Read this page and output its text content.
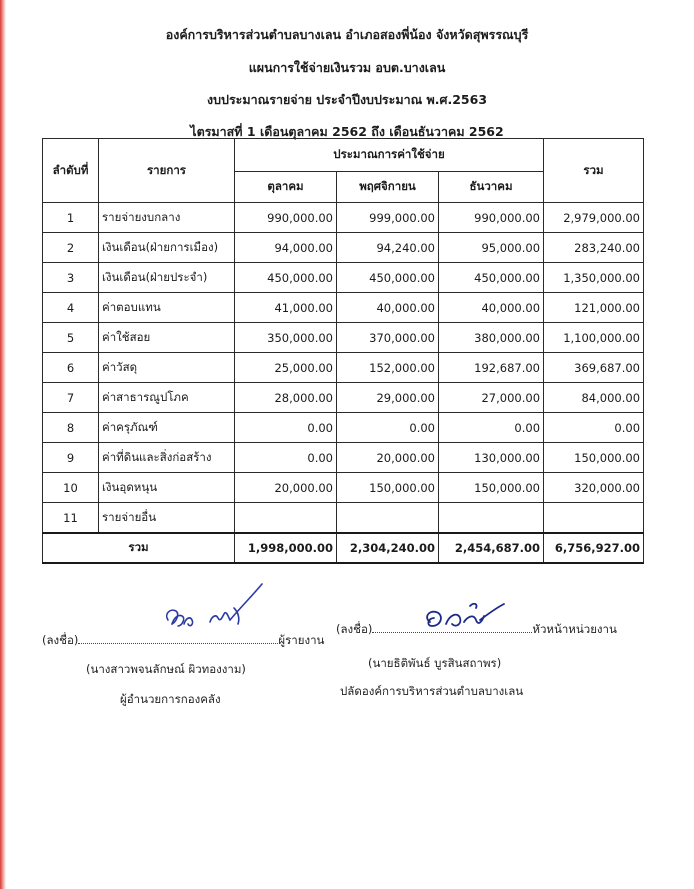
องค์การบริหารส่วนตำบลบางเลน อำเภอสองพี่น้อง จังหวัดสุพรรณบุรี
แผนการใช้จ่ายเงินรวม อบต.บางเลน
งบประมาณรายจ่าย ประจำปีงบประมาณ พ.ศ.2563
ไตรมาสที่ 1 เดือนตุลาคม 2562 ถึง เดือนธันวาคม 2562
ลำดับที่	รายการ	ประมาณการค่าใช้จ่าย			รวม
		ตุลาคม	พฤศจิกายน	ธันวาคม	
1	รายจ่ายงบกลาง	990,000.00	999,000.00	990,000.00	2,979,000.00
2	เงินเดือน(ฝ่ายการเมือง)	94,000.00	94,240.00	95,000.00	283,240.00
3	เงินเดือน(ฝ่ายประจำ)	450,000.00	450,000.00	450,000.00	1,350,000.00
4	ค่าตอบแทน	41,000.00	40,000.00	40,000.00	121,000.00
5	ค่าใช้สอย	350,000.00	370,000.00	380,000.00	1,100,000.00
6	ค่าวัสดุ	25,000.00	152,000.00	192,687.00	369,687.00
7	ค่าสาธารณูปโภค	28,000.00	29,000.00	27,000.00	84,000.00
8	ค่าครุภัณฑ์	0.00	0.00	0.00	0.00
9	ค่าที่ดินและสิ่งก่อสร้าง	0.00	20,000.00	130,000.00	150,000.00
10	เงินอุดหนุน	20,000.00	150,000.00	150,000.00	320,000.00
11	รายจ่ายอื่น				
รวม		1,998,000.00	2,304,240.00	2,454,687.00	6,756,927.00
(ลงชื่อ)	ผู้รายงาน
(ลงชื่อ)	หัวหน้าหน่วยงาน
(นางสาวพจนลักษณ์ ผิวทองงาม)
ผู้อำนวยการกองคลัง
(นายธิติพันธ์ บูรสินสถาพร)
ปลัดองค์การบริหารส่วนตำบลบางเลน
